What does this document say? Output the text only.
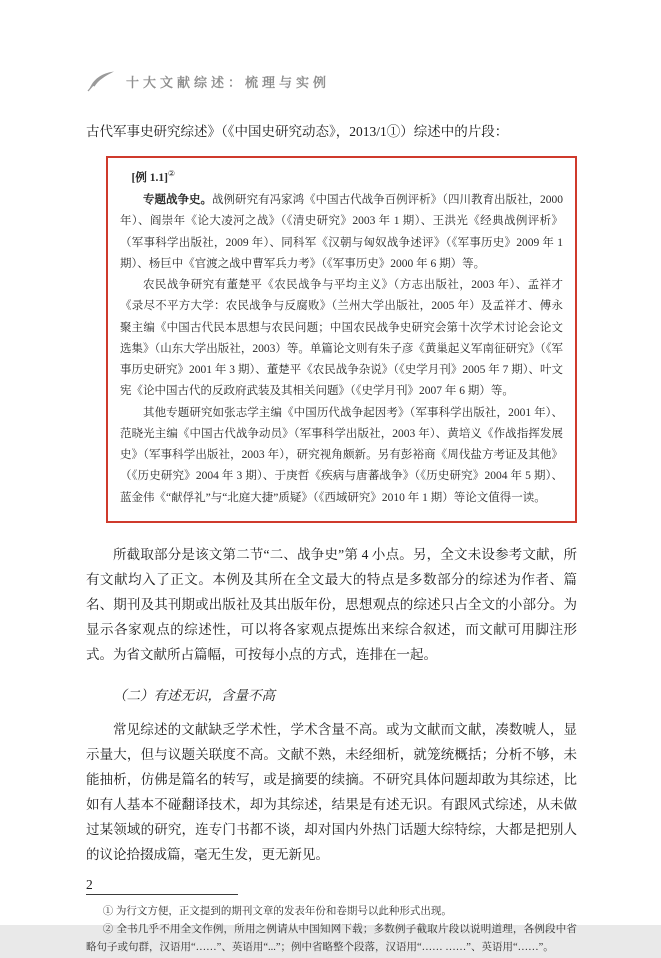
十大文献综述：梳理与实例

古代军事史研究综述》（《中国史研究动态》，2013/1①）综述中的片段：

[例 1.1]②

专题战争史。战例研究有冯家鸿《中国古代战争百例评析》（四川教育出版社，2000 年）、阎崇年《论大凌河之战》（《清史研究》2003 年 1 期）、王洪光《经典战例评析》（军事科学出版社，2009 年）、同科军《汉朝与匈奴战争述评》（《军事历史》2009 年 1 期）、杨巨中《官渡之战中曹军兵力考》（《军事历史》2000 年 6 期）等。

农民战争研究有董楚平《农民战争与平均主义》（方志出版社，2003 年）、孟祥才《录尽不平方大学：农民战争与反腐败》（兰州大学出版社，2005 年）及孟祥才、傅永聚主编《中国古代民本思想与农民问题；中国农民战争史研究会第十次学术讨论会论文选集》（山东大学出版社，2003）等。单篇论文则有朱子彦《黄巢起义军南征研究》（《军事历史研究》2001 年 3 期）、董楚平《农民战争杂说》（《史学月刊》2005 年 7 期）、叶文宪《论中国古代的反政府武装及其相关问题》（《史学月刊》2007 年 6 期）等。

其他专题研究如张志学主编《中国历代战争起因考》（军事科学出版社，2001 年）、范晓光主编《中国古代战争动员》（军事科学出版社，2003 年）、黄培义《作战指挥发展史》（军事科学出版社，2003 年），研究视角颇新。另有彭裕商《周伐盐方考证及其他》（《历史研究》2004 年 3 期）、于庚哲《疾病与唐蕃战争》（《历史研究》2004 年 5 期）、蓝金伟《“献俘礼”与“北庭大捷”质疑》（《西域研究》2010 年 1 期）等论文值得一读。

所截取部分是该文第二节“二、战争史”第 4 小点。另，全文未设参考文献，所有文献均入了正文。本例及其所在全文最大的特点是多数部分的综述为作者、篇名、期刊及其刊期或出版社及其出版年份，思想观点的综述只占全文的小部分。为显示各家观点的综述性，可以将各家观点提炼出来综合叙述，而文献可用脚注形式。为省文献所占篇幅，可按每小点的方式，连排在一起。

（二）有述无识，含量不高

常见综述的文献缺乏学术性，学术含量不高。或为文献而文献，凑数唬人，显示量大，但与议题关联度不高。文献不熟，未经细析，就笼统概括；分析不够，未能抽析，仿佛是篇名的转写，或是摘要的续摘。不研究具体问题却敢为其综述，比如有人基本不碰翻译技术，却为其综述，结果是有述无识。有跟风式综述，从未做过某领域的研究，连专门书都不谈，却对国内外热门话题大综特综，大都是把别人的议论拾掇成篇，毫无生发，更无新见。

① 为行文方便，正文提到的期刊文章的发表年份和卷期号以此种形式出现。

② 全书几乎不用全文作例，所用之例请从中国知网下载；多数例子截取片段以说明道理，各例段中省略句子或句群，汉语用“……”、英语用“...”；例中省略整个段落，汉语用“…… ……”、英语用“……”。

2
